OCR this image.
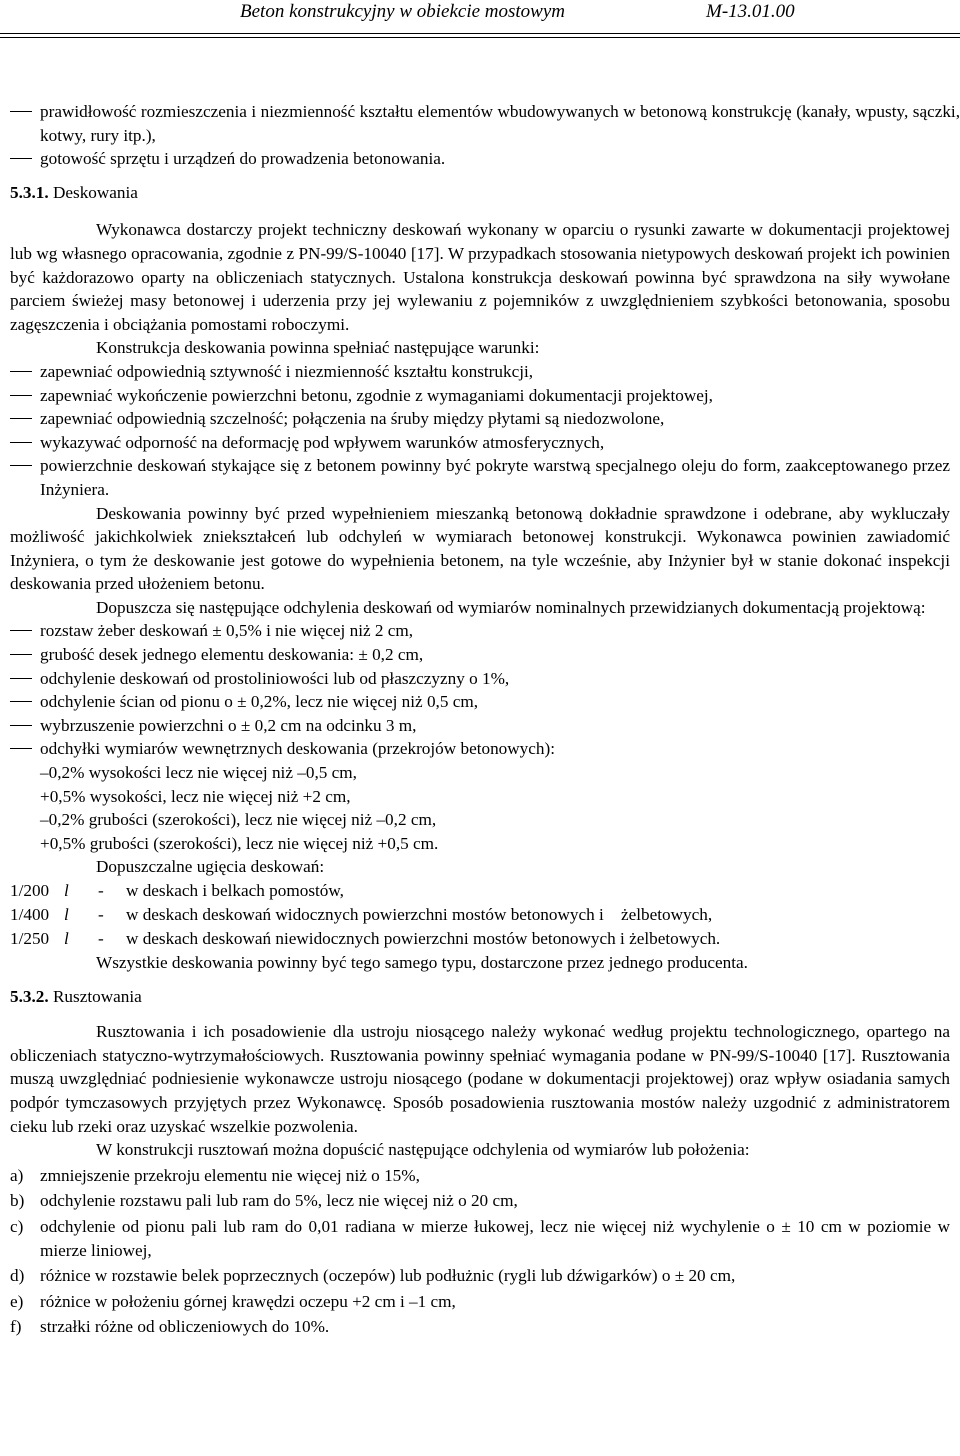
Beton konstrukcyjny w obiekcie mostowym	M-13.01.00
prawidłowość rozmieszczenia i niezmienność kształtu elementów wbudowywanych w betonową konstrukcję (kanały, wpusty, sączki, kotwy, rury itp.),
gotowość sprzętu i urządzeń do prowadzenia betonowania.
5.3.1. Deskowania
Wykonawca dostarczy projekt techniczny deskowań wykonany w oparciu o rysunki zawarte w dokumentacji projektowej lub wg własnego opracowania, zgodnie z PN-99/S-10040 [17]. W przypadkach stosowania nietypowych deskowań projekt ich powinien być każdorazowo oparty na obliczeniach statycznych. Ustalona konstrukcja deskowań powinna być sprawdzona na siły wywołane parciem świeżej masy betonowej i uderzenia przy jej wylewaniu z pojemników z uwzględnieniem szybkości betonowania, sposobu zagęszczenia i obciążania pomostami roboczymi.
Konstrukcja deskowania powinna spełniać następujące warunki:
zapewniać odpowiednią sztywność i niezmienność kształtu konstrukcji,
zapewniać wykończenie powierzchni betonu, zgodnie z wymaganiami dokumentacji projektowej,
zapewniać odpowiednią szczelność; połączenia na śruby między płytami są niedozwolone,
wykazywać odporność na deformację pod wpływem warunków atmosferycznych,
powierzchnie deskowań stykające się z betonem powinny być pokryte warstwą specjalnego oleju do form, zaakceptowanego przez Inżyniera.
Deskowania powinny być przed wypełnieniem mieszanką betonową dokładnie sprawdzone i odebrane, aby wykluczały możliwość jakichkolwiek zniekształceń lub odchyleń w wymiarach betonowej konstrukcji. Wykonawca powinien zawiadomić Inżyniera, o tym że deskowanie jest gotowe do wypełnienia betonem, na tyle wcześnie, aby Inżynier był w stanie dokonać inspekcji deskowania przed ułożeniem betonu.
Dopuszcza się następujące odchylenia deskowań od wymiarów nominalnych przewidzianych dokumentacją projektową:
rozstaw żeber deskowań ± 0,5% i nie więcej niż 2 cm,
grubość desek jednego elementu deskowania: ± 0,2 cm,
odchylenie deskowań od prostoliniowości lub od płaszczyzny o 1%,
odchylenie ścian od pionu o ± 0,2%, lecz nie więcej niż 0,5 cm,
wybrzuszenie powierzchni o ± 0,2 cm na odcinku 3 m,
odchyłki wymiarów wewnętrznych deskowania (przekrojów betonowych):
–0,2% wysokości lecz nie więcej niż –0,5 cm,
+0,5% wysokości, lecz nie więcej niż +2 cm,
–0,2% grubości (szerokości), lecz nie więcej niż –0,2 cm,
+0,5% grubości (szerokości), lecz nie więcej niż +0,5 cm.
Dopuszczalne ugięcia deskowań:
1/200 l - w deskach i belkach pomostów,
1/400 l - w deskach deskowań widocznych powierzchni mostów betonowych i    żelbetowych,
1/250 l - w deskach deskowań niewidocznych powierzchni mostów betonowych i żelbetowych.
Wszystkie deskowania powinny być tego samego typu, dostarczone przez jednego producenta.
5.3.2. Rusztowania
Rusztowania i ich posadowienie dla ustroju niosącego należy wykonać według projektu technologicznego, opartego na obliczeniach statyczno-wytrzymałościowych. Rusztowania powinny spełniać wymagania podane w PN-99/S-10040 [17]. Rusztowania muszą uwzględniać podniesienie wykonawcze ustroju niosącego (podane w dokumentacji projektowej) oraz wpływ osiadania samych podpór tymczasowych przyjętych przez Wykonawcę. Sposób posadowienia rusztowania mostów należy uzgodnić z administratorem cieku lub rzeki oraz uzyskać wszelkie pozwolenia.
W konstrukcji rusztowań można dopuścić następujące odchylenia od wymiarów lub położenia:
a) zmniejszenie przekroju elementu nie więcej niż o 15%,
b) odchylenie rozstawu pali lub ram do 5%, lecz nie więcej niż o 20 cm,
c) odchylenie od pionu pali lub ram do 0,01 radiana w mierze łukowej, lecz nie więcej niż wychylenie o ± 10 cm w poziomie w mierze liniowej,
d) różnice w rozstawie belek poprzecznych (oczepów) lub podłużnic (rygli lub dźwigarków) o ± 20 cm,
e) różnice w położeniu górnej krawędzi oczepu +2 cm i –1 cm,
f) strzałki różne od obliczeniowych do 10%.
